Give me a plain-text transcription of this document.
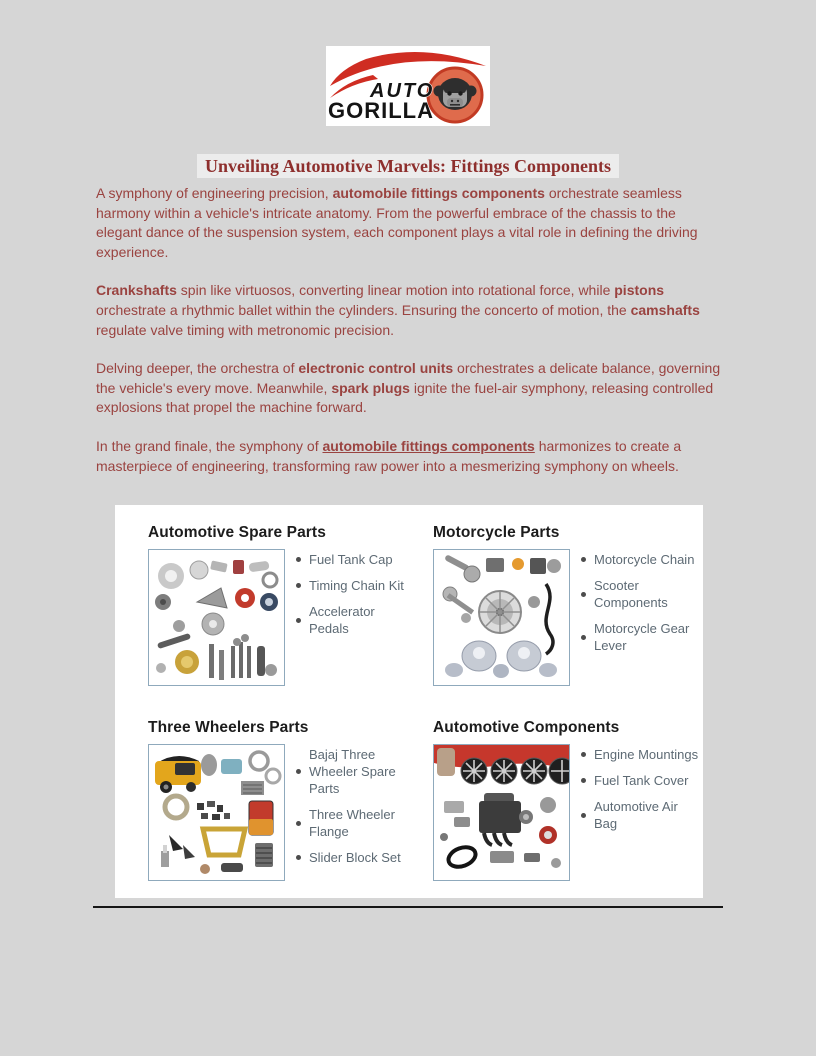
AUTO
GORILLA
Unveiling Automotive Marvels: Fittings Components

A symphony of engineering precision, automobile fittings components orchestrate seamless harmony within a vehicle's intricate anatomy. From the powerful embrace of the chassis to the elegant dance of the suspension system, each component plays a vital role in defining the driving experience.

Crankshafts spin like virtuosos, converting linear motion into rotational force, while pistons orchestrate a rhythmic ballet within the cylinders. Ensuring the concerto of motion, the camshafts regulate valve timing with metronomic precision.

Delving deeper, the orchestra of electronic control units orchestrates a delicate balance, governing the vehicle's every move. Meanwhile, spark plugs ignite the fuel-air symphony, releasing controlled explosions that propel the machine forward.

In the grand finale, the symphony of automobile fittings components harmonizes to create a masterpiece of engineering, transforming raw power into a mesmerizing symphony on wheels.

Automotive Spare Parts
Fuel Tank Cap
Timing Chain Kit
Accelerator Pedals
Motorcycle Parts
Motorcycle Chain
Scooter Components
Motorcycle Gear Lever
Three Wheelers Parts
Bajaj Three Wheeler Spare Parts
Three Wheeler Flange
Slider Block Set
Automotive Components
Engine Mountings
Fuel Tank Cover
Automotive Air Bag
